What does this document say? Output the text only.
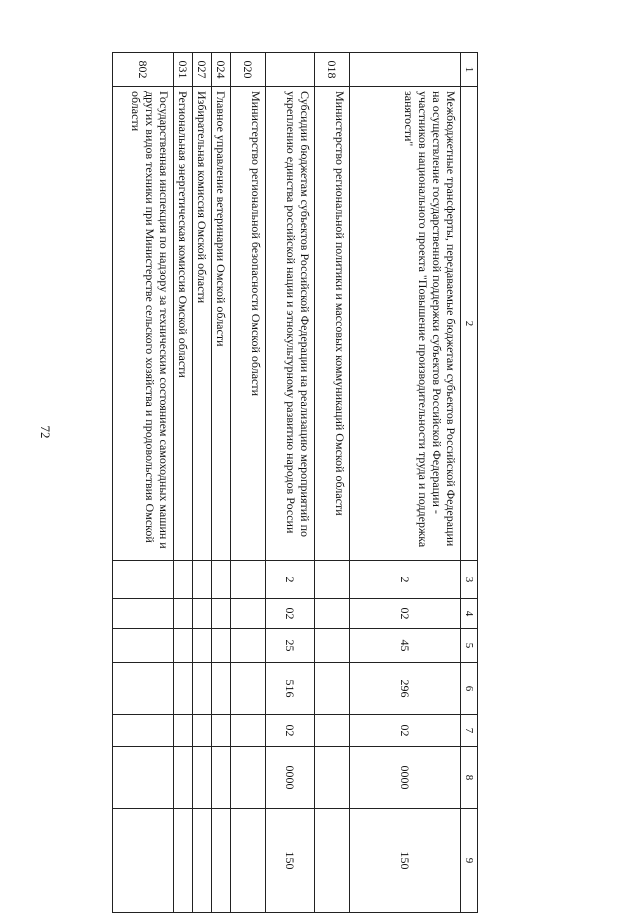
72
1	2	3	4	5	6	7	8	9
	Межбюджетные трансферты, передаваемые бюджетам субъектов Российской Федерации на осуществление государственной поддержки субъектов Российской Федерации - участников национального проекта "Повышение производительности труда и поддержка занятости"	2	02	45	296	02	0000	150
018	Министерство региональной политики и массовых коммуникаций Омской области							
	Субсидии бюджетам субъектов Российской Федерации на реализацию мероприятий по укреплению единства российской нации и этнокультурному развитию народов России	2	02	25	516	02	0000	150
020	Министерство региональной безопасности Омской области							
024	Главное управление ветеринарии Омской области							
027	Избирательная комиссия Омской области							
031	Региональная энергетическая комиссия Омской области							
802	Государственная инспекция по надзору за техническим состоянием самоходных машин и других видов техники при Министерстве сельского хозяйства и продовольствия Омской области							
